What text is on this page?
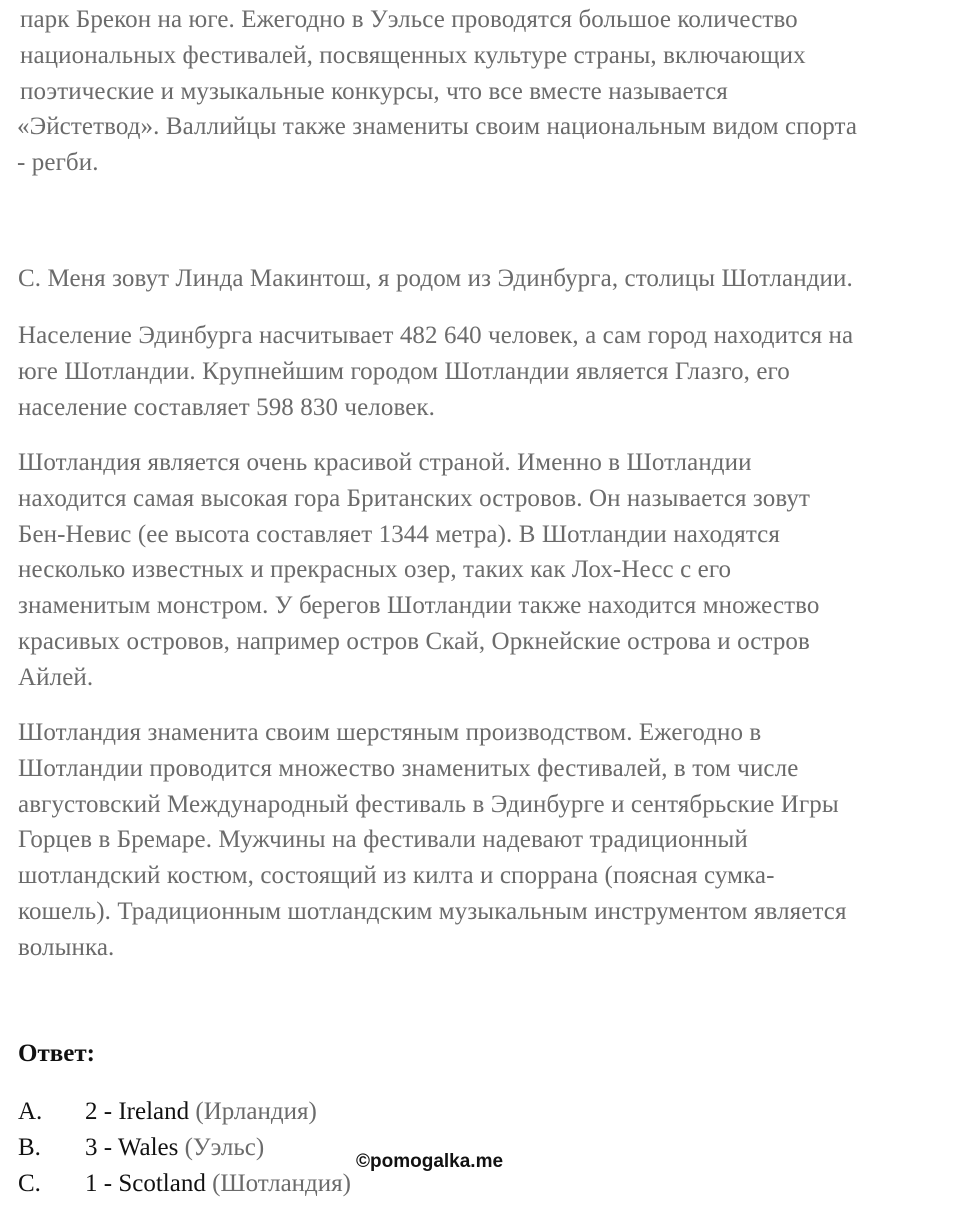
парк Брекон на юге. Ежегодно в Уэльсе проводятся большое количество
национальных фестивалей, посвященных культуре страны, включающих
поэтические и музыкальные конкурсы, что все вместе называется
«Эйстетвод». Валлийцы также знамениты своим национальным видом спорта
- регби.

С. Меня зовут Линда Макинтош, я родом из Эдинбурга, столицы Шотландии.

Население Эдинбурга насчитывает 482 640 человек, а сам город находится на
юге Шотландии. Крупнейшим городом Шотландии является Глазго, его
население составляет 598 830 человек.

Шотландия является очень красивой страной. Именно в Шотландии
находится самая высокая гора Британских островов. Он называется зовут
Бен-Невис (ее высота составляет 1344 метра). В Шотландии находятся
несколько известных и прекрасных озер, таких как Лох-Несс с его
знаменитым монстром. У берегов Шотландии также находится множество
красивых островов, например остров Скай, Оркнейские острова и остров
Айлей.

Шотландия знаменита своим шерстяным производством. Ежегодно в
Шотландии проводится множество знаменитых фестивалей, в том числе
августовский Международный фестиваль в Эдинбурге и сентябрьские Игры
Горцев в Бремаре. Мужчины на фестивали надевают традиционный
шотландский костюм, состоящий из килта и споррана (поясная сумка-
кошель). Традиционным шотландским музыкальным инструментом является
волынка.

Ответ:
A. 2 - Ireland (Ирландия)
B. 3 - Wales (Уэльс)
C. 1 - Scotland (Шотландия)
©pomogalka.me
